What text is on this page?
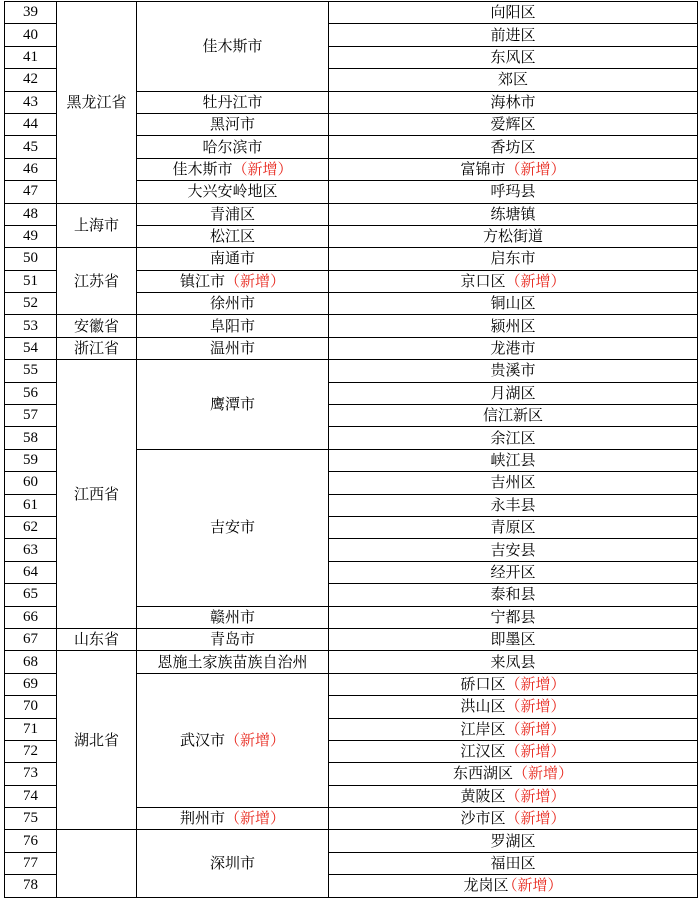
39	黑龙江省	佳木斯市	向阳区
40			前进区
41			东风区
42			郊区
43		牡丹江市	海林市
44		黑河市	爱辉区
45		哈尔滨市	香坊区
46		佳木斯市（新增）	富锦市（新增）
47		大兴安岭地区	呼玛县
48	上海市	青浦区	练塘镇
49		松江区	方松街道
50	江苏省	南通市	启东市
51		镇江市（新增）	京口区（新增）
52		徐州市	铜山区
53	安徽省	阜阳市	颍州区
54	浙江省	温州市	龙港市
55	江西省	鹰潭市	贵溪市
56			月湖区
57			信江新区
58			余江区
59		吉安市	峡江县
60			吉州区
61			永丰县
62			青原区
63			吉安县
64			经开区
65			泰和县
66		赣州市	宁都县
67	山东省	青岛市	即墨区
68	湖北省	恩施土家族苗族自治州	来凤县
69		武汉市（新增）	硚口区（新增）
70			洪山区（新增）
71			江岸区（新增）
72			江汉区（新增）
73			东西湖区（新增）
74			黄陂区（新增）
75		荆州市（新增）	沙市区（新增）
76		深圳市	罗湖区
77			福田区
78			龙岗区（新增）
